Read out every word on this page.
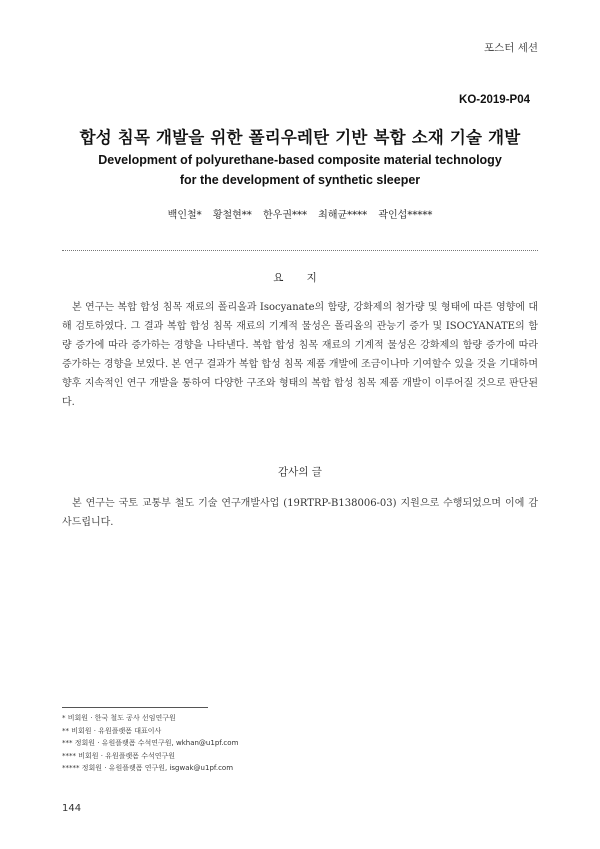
포스터 세션
KO-2019-P04
합성 침목 개발을 위한 폴리우레탄 기반 복합 소재 기술 개발
Development of polyurethane-based composite material technology
for the development of synthetic sleeper
백인철* 황철현** 한우권*** 최해균**** 곽인섭*****
요 지

본 연구는 복합 합성 침목 재료의 폴리올과 Isocyanate의 함량, 강화제의 첨가량 및 형태에 따른 영향에 대해 검토하였다. 그 결과 복합 합성 침목 재료의 기계적 물성은 폴리올의 관능기 증가 및 ISOCYANATE의 함량 증가에 따라 증가하는 경향을 나타낸다. 복합 합성 침목 재료의 기계적 물성은 강화제의 함량 증가에 따라 증가하는 경향을 보였다. 본 연구 결과가 복합 합성 침목 제품 개발에 조금이나마 기여할수 있을 것을 기대하며 향후 지속적인 연구 개발을 통하여 다양한 구조와 형태의 복합 합성 침목 제품 개발이 이루어질 것으로 판단된다.

감사의 글

본 연구는 국토 교통부 철도 기술 연구개발사업 (19RTRP-B138006-03) 지원으로 수행되었으며 이에 감사드립니다.

* 비회원 · 한국 철도 공사 선임연구원
** 비회원 · 유원플랫폼 대표이사
*** 정회원 · 유원플랫폼 수석연구원, wkhan@u1pf.com
**** 비회원 · 유원플랫폼 수석연구원
***** 정회원 · 유원플랫폼 연구원, isgwak@u1pf.com
144
